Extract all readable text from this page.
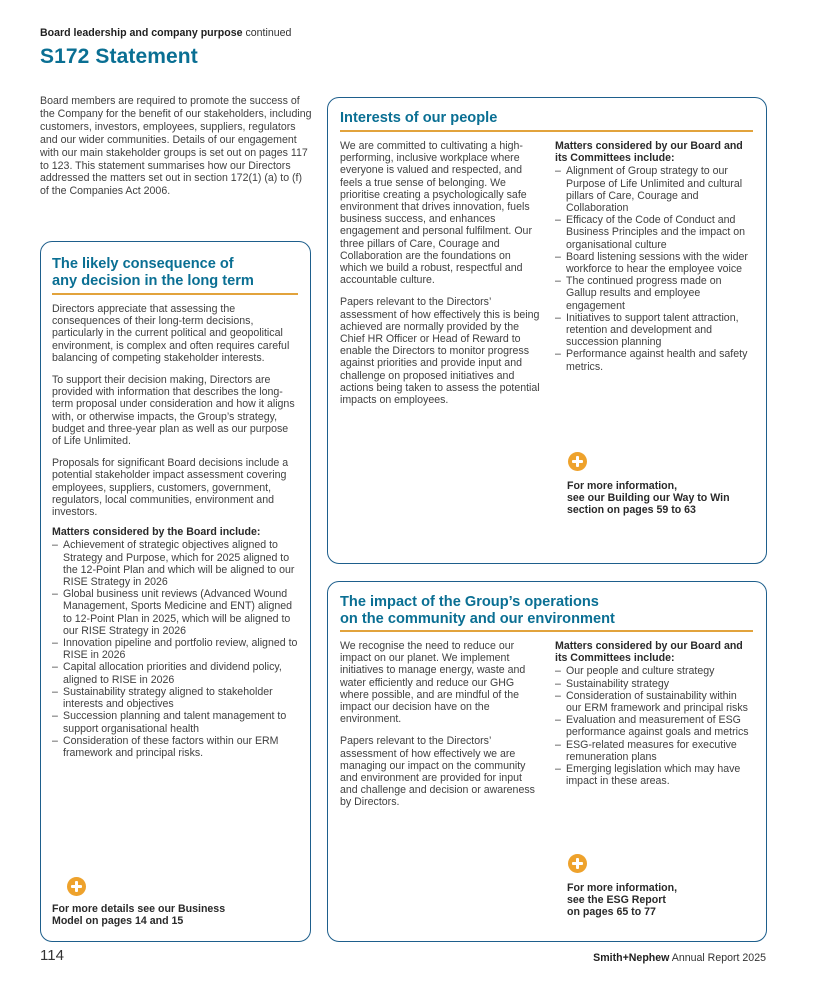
Board leadership and company purpose continued
S172 Statement
Board members are required to promote the success of the Company for the benefit of our stakeholders, including customers, investors, employees, suppliers, regulators and our wider communities. Details of our engagement with our main stakeholder groups is set out on pages 117 to 123. This statement summarises how our Directors addressed the matters set out in section 172(1) (a) to (f) of the Companies Act 2006.
The likely consequence of
any decision in the long term

Directors appreciate that assessing the consequences of their long-term decisions, particularly in the current political and geopolitical environment, is complex and often requires careful balancing of competing stakeholder interests.

To support their decision making, Directors are provided with information that describes the long-term proposal under consideration and how it aligns with, or otherwise impacts, the Group’s strategy, budget and three-year plan as well as our purpose of Life Unlimited.

Proposals for significant Board decisions include a potential stakeholder impact assessment covering employees, suppliers, customers, government, regulators, local communities, environment and investors.

Matters considered by the Board include:
– Achievement of strategic objectives aligned to Strategy and Purpose, which for 2025 aligned to the 12-Point Plan and which will be aligned to our RISE Strategy in 2026
– Global business unit reviews (Advanced Wound Management, Sports Medicine and ENT) aligned to 12-Point Plan in 2025, which will be aligned to our RISE Strategy in 2026
– Innovation pipeline and portfolio review, aligned to RISE in 2026
– Capital allocation priorities and dividend policy, aligned to RISE in 2026
– Sustainability strategy aligned to stakeholder interests and objectives
– Succession planning and talent management to support organisational health
– Consideration of these factors within our ERM framework and principal risks.
For more details see our Business
Model on pages 14 and 15
Interests of our people

We are committed to cultivating a high-performing, inclusive workplace where everyone is valued and respected, and feels a true sense of belonging. We prioritise creating a psychologically safe environment that drives innovation, fuels business success, and enhances engagement and personal fulfilment. Our three pillars of Care, Courage and Collaboration are the foundations on which we build a robust, respectful and accountable culture.

Papers relevant to the Directors’ assessment of how effectively this is being achieved are normally provided by the Chief HR Officer or Head of Reward to enable the Directors to monitor progress against priorities and provide input and challenge on proposed initiatives and actions being taken to assess the potential impacts on employees.

Matters considered by our Board and its Committees include:
– Alignment of Group strategy to our Purpose of Life Unlimited and cultural pillars of Care, Courage and Collaboration
– Efficacy of the Code of Conduct and Business Principles and the impact on organisational culture
– Board listening sessions with the wider workforce to hear the employee voice
– The continued progress made on Gallup results and employee engagement
– Initiatives to support talent attraction, retention and development and succession planning
– Performance against health and safety metrics.
For more information,
see our Building our Way to Win
section on pages 59 to 63
The impact of the Group’s operations
on the community and our environment

We recognise the need to reduce our impact on our planet. We implement initiatives to manage energy, waste and water efficiently and reduce our GHG where possible, and are mindful of the impact our decision have on the environment.

Papers relevant to the Directors’ assessment of how effectively we are managing our impact on the community and environment are provided for input and challenge and decision or awareness by Directors.

Matters considered by our Board and its Committees include:
– Our people and culture strategy
– Sustainability strategy
– Consideration of sustainability within our ERM framework and principal risks
– Evaluation and measurement of ESG performance against goals and metrics
– ESG-related measures for executive remuneration plans
– Emerging legislation which may have impact in these areas.
For more information,
see the ESG Report
on pages 65 to 77
114	Smith+Nephew Annual Report 2025
